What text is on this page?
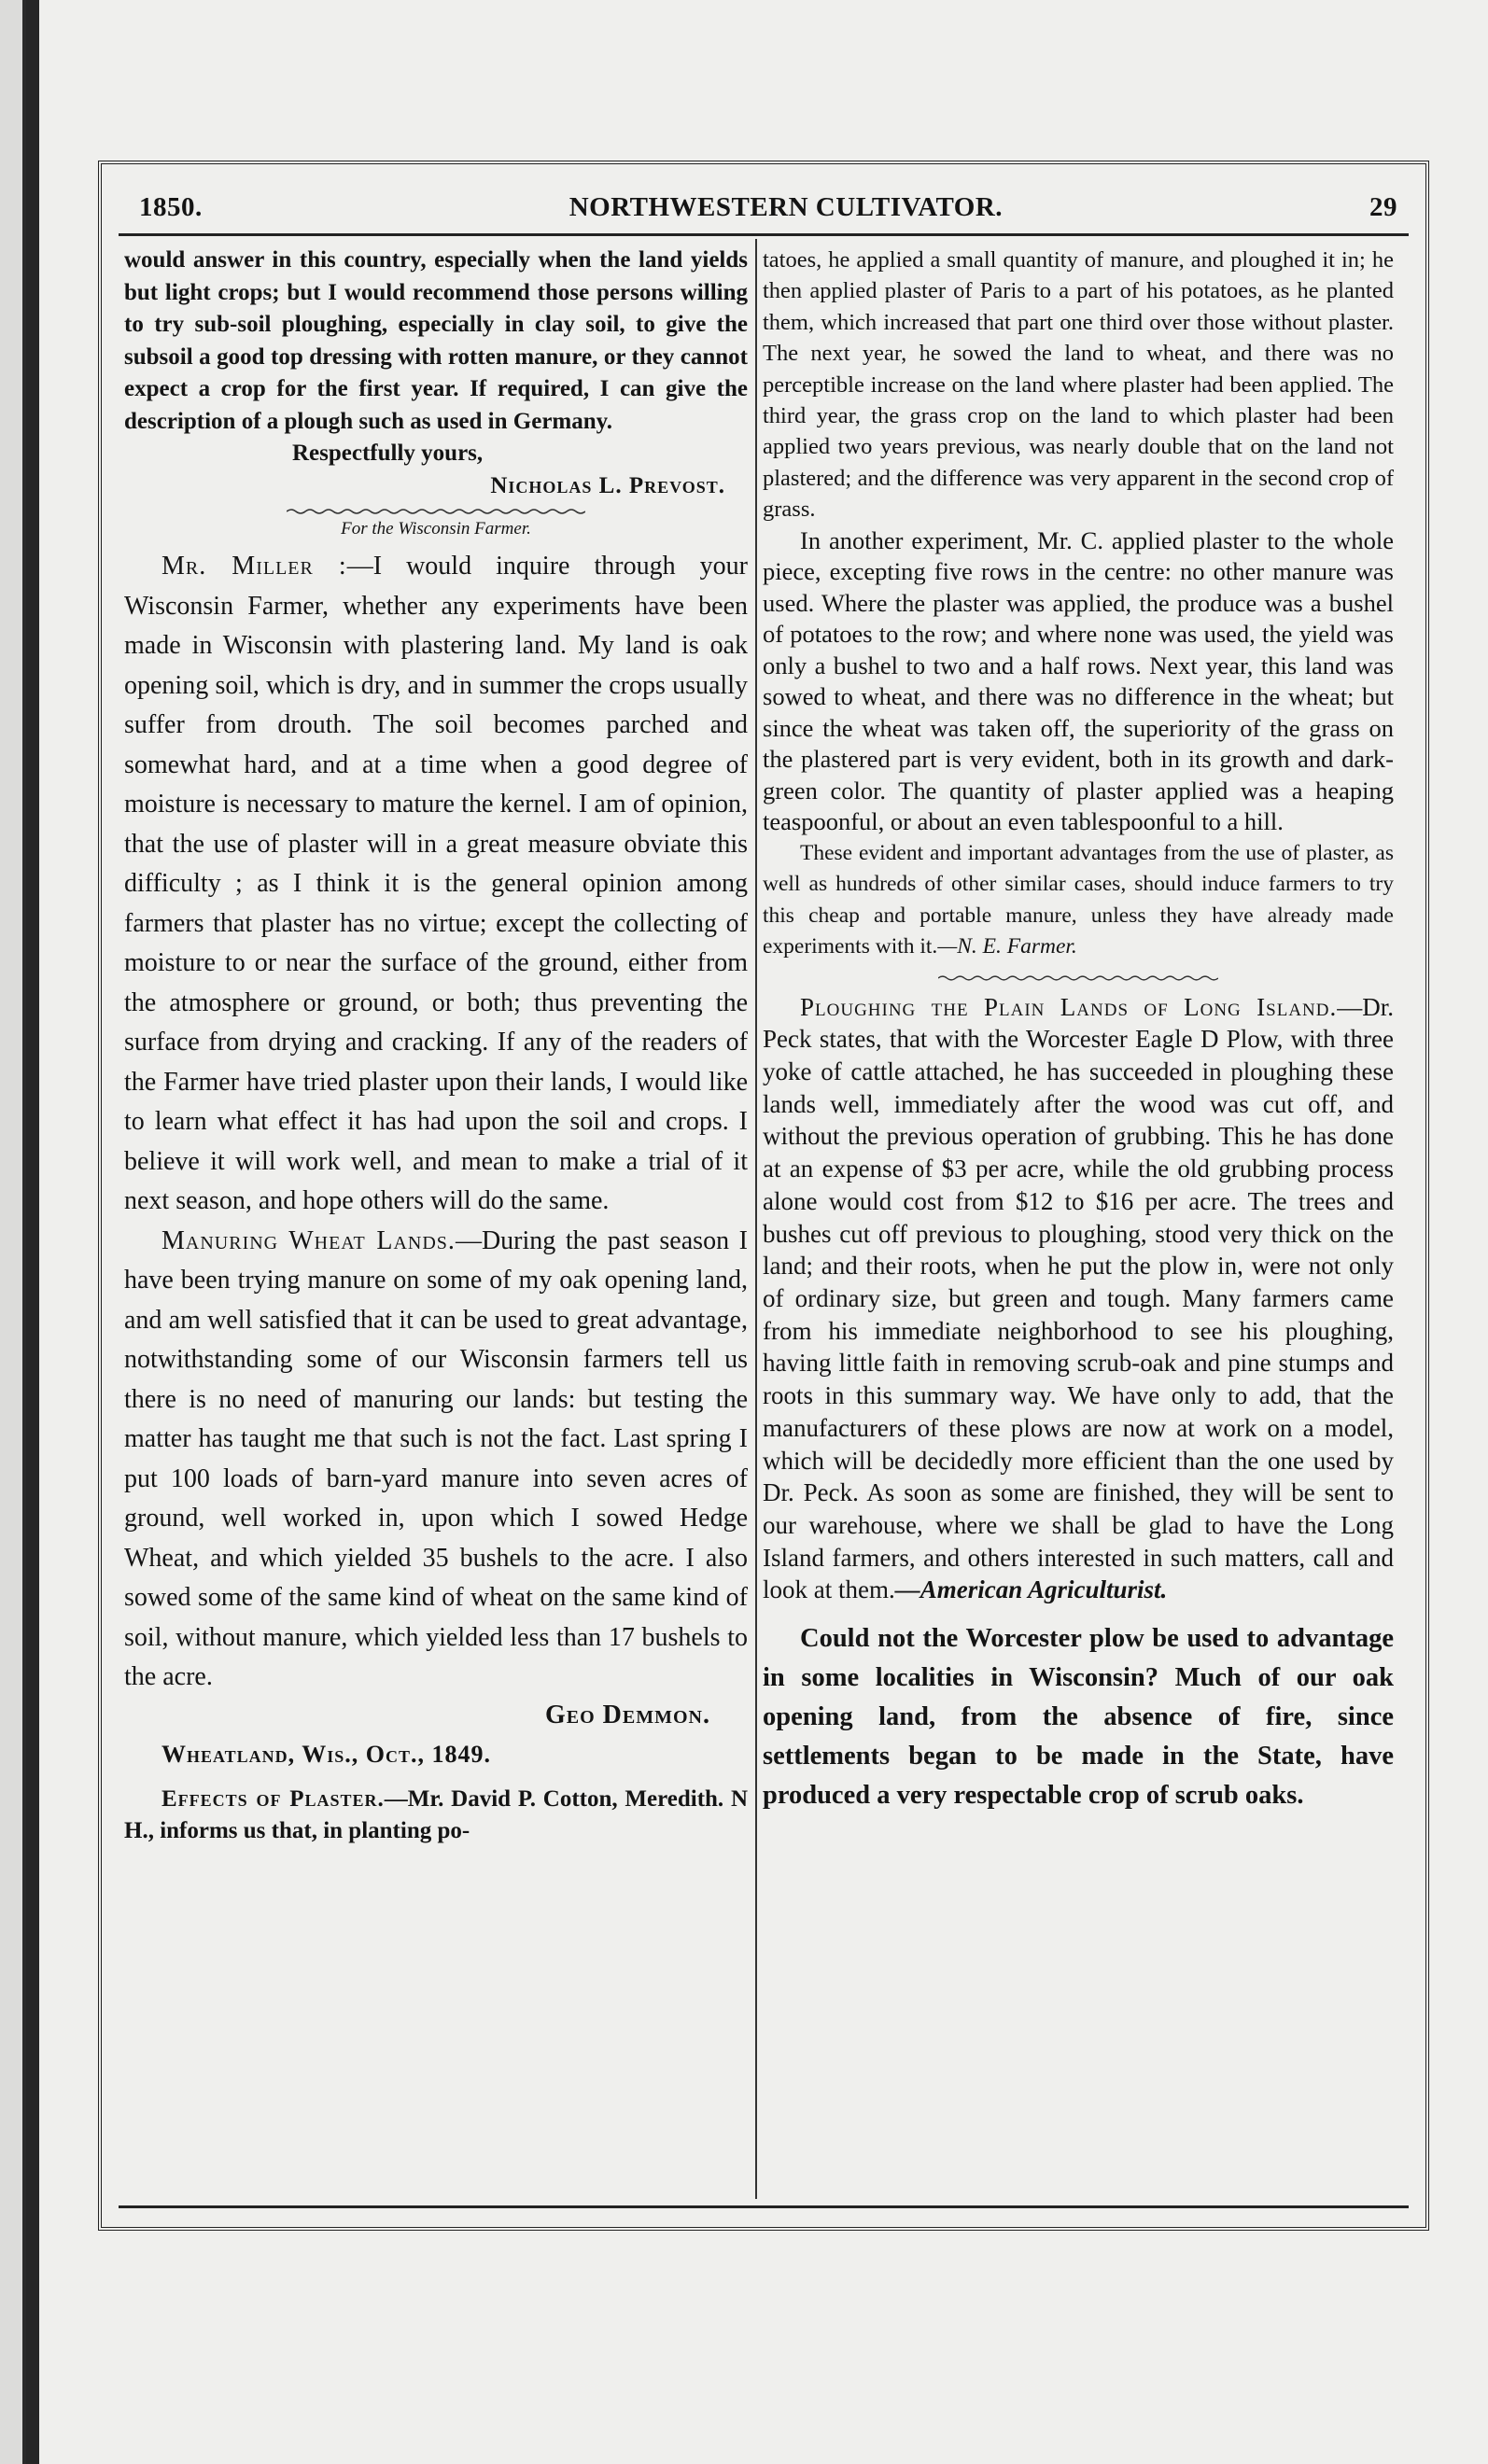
1850.	NORTHWESTERN CULTIVATOR.	29

would answer in this country, especially when the land yields but light crops; but I would recommend those persons willing to try sub-soil ploughing, especially in clay soil, to give the subsoil a good top dressing with rotten manure, or they cannot expect a crop for the first year. If required, I can give the description of a plough such as used in Germany.

Respectfully yours,

Nicholas L. Prevost.

For the Wisconsin Farmer.

Mr. Miller :—I would inquire through your Wisconsin Farmer, whether any experiments have been made in Wisconsin with plastering land. My land is oak opening soil, which is dry, and in summer the crops usually suffer from drouth. The soil becomes parched and somewhat hard, and at a time when a good degree of moisture is necessary to mature the kernel. I am of opinion, that the use of plaster will in a great measure obviate this difficulty ; as I think it is the general opinion among farmers that plaster has no virtue; except the collecting of moisture to or near the surface of the ground, either from the atmosphere or ground, or both; thus preventing the surface from drying and cracking. If any of the readers of the Farmer have tried plaster upon their lands, I would like to learn what effect it has had upon the soil and crops. I believe it will work well, and mean to make a trial of it next season, and hope others will do the same.

Manuring Wheat Lands.—During the past season I have been trying manure on some of my oak opening land, and am well satisfied that it can be used to great advantage, notwithstanding some of our Wisconsin farmers tell us there is no need of manuring our lands: but testing the matter has taught me that such is not the fact. Last spring I put 100 loads of barn-yard manure into seven acres of ground, well worked in, upon which I sowed Hedge Wheat, and which yielded 35 bushels to the acre. I also sowed some of the same kind of wheat on the same kind of soil, without manure, which yielded less than 17 bushels to the acre.

Geo Demmon.

Wheatland, Wis., Oct., 1849.

Effects of Plaster.—Mr. David P. Cotton, Meredith. N H., informs us that, in planting po-

tatoes, he applied a small quantity of manure, and ploughed it in; he then applied plaster of Paris to a part of his potatoes, as he planted them, which increased that part one third over those without plaster. The next year, he sowed the land to wheat, and there was no perceptible increase on the land where plaster had been applied. The third year, the grass crop on the land to which plaster had been applied two years previous, was nearly double that on the land not plastered; and the difference was very apparent in the second crop of grass.

In another experiment, Mr. C. applied plaster to the whole piece, excepting five rows in the centre: no other manure was used. Where the plaster was applied, the produce was a bushel of potatoes to the row; and where none was used, the yield was only a bushel to two and a half rows. Next year, this land was sowed to wheat, and there was no difference in the wheat; but since the wheat was taken off, the superiority of the grass on the plastered part is very evident, both in its growth and dark-green color. The quantity of plaster applied was a heaping teaspoonful, or about an even tablespoonful to a hill.

These evident and important advantages from the use of plaster, as well as hundreds of other similar cases, should induce farmers to try this cheap and portable manure, unless they have already made experiments with it.—N. E. Farmer.

Ploughing the Plain Lands of Long Island.—Dr. Peck states, that with the Worcester Eagle D Plow, with three yoke of cattle attached, he has succeeded in ploughing these lands well, immediately after the wood was cut off, and without the previous operation of grubbing. This he has done at an expense of $3 per acre, while the old grubbing process alone would cost from $12 to $16 per acre. The trees and bushes cut off previous to ploughing, stood very thick on the land; and their roots, when he put the plow in, were not only of ordinary size, but green and tough. Many farmers came from his immediate neighborhood to see his ploughing, having little faith in removing scrub-oak and pine stumps and roots in this summary way. We have only to add, that the manufacturers of these plows are now at work on a model, which will be decidedly more efficient than the one used by Dr. Peck. As soon as some are finished, they will be sent to our warehouse, where we shall be glad to have the Long Island farmers, and others interested in such matters, call and look at them.—American Agriculturist.

Could not the Worcester plow be used to advantage in some localities in Wisconsin? Much of our oak opening land, from the absence of fire, since settlements began to be made in the State, have produced a very respectable crop of scrub oaks.
